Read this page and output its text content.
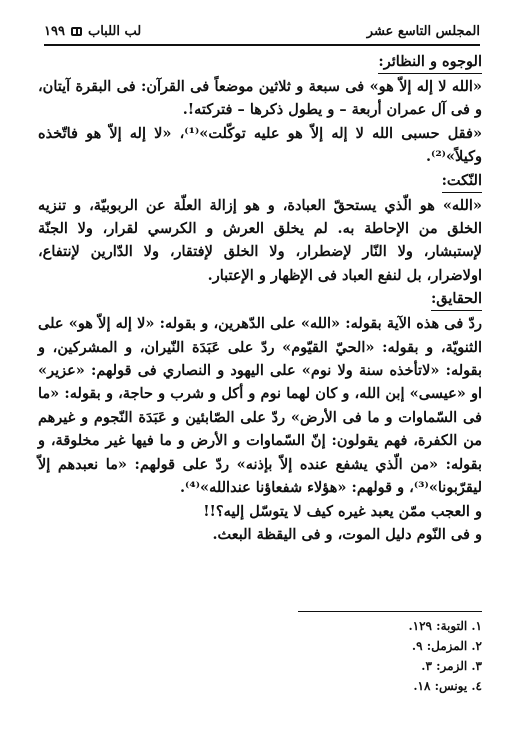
المجلس التاسع عشر
لب اللباب
١٩٩
الوجوه و النظائر:

«الله لا إله إلاّ هو» فى سبعة و ثلاثين موضعاً فى القرآن: فى البقرة آيتان، و فى آل عمران أربعة – و يطول ذكرها – فتركته!.

«فقل حسبى الله لا إله إلاّ هو عليه توكّلت»⁽¹⁾، «لا إله إلاّ هو فاتّخذه وكيلاً»⁽²⁾.

النّكت:

«الله» هو الّذي يستحقّ العبادة، و هو إزالة العلّة عن الربوبيّة، و تنزيه الخلق من الإحاطة به. لم يخلق العرش و الكرسي لقرار، ولا الجنّة لإستبشار، ولا النّار لإضطرار، ولا الخلق لإفتقار، ولا الدّارين لإنتفاع، اولاضرار، بل لنفع العباد فى الإظهار و الإعتبار.

الحقايق:

ردّ فى هذه الآية بقوله: «الله» على الدّهرين، و بقوله: «لا إله إلاّ هو» على الثنويّة، و بقوله: «الحيّ القيّوم» ردّ على عَبَدَة النّيران، و المشركين، و بقوله: «لاتأخذه سنة ولا نوم» على اليهود و النصاري فى قولهم: «عزير» او «عيسى» إبن الله، و كان لهما نوم و أكل و شرب و حاجة، و بقوله: «ما فى السّماوات و ما فى الأرض» ردّ على الصّابئين و عَبَدَة النّجوم و غيرهم من الكفرة، فهم يقولون: إنّ السّماوات و الأرض و ما فيها غير مخلوقة، و بقوله: «من الّذي يشفع عنده إلاّ بإذنه» ردّ على قولهم: «ما نعبدهم إلاّ ليقرّبونا»⁽³⁾، و قولهم: «هؤلاء شفعاؤنا عندالله»⁽⁴⁾.

و العجب ممّن يعبد غيره كيف لا يتوسّل إليه؟!!

و فى النّوم دليل الموت، و فى اليقظة البعث.

١. التوبة: ١٢٩.
٢. المزمل: ٩.
٣. الزمر: ٣.
٤. يونس: ١٨.
